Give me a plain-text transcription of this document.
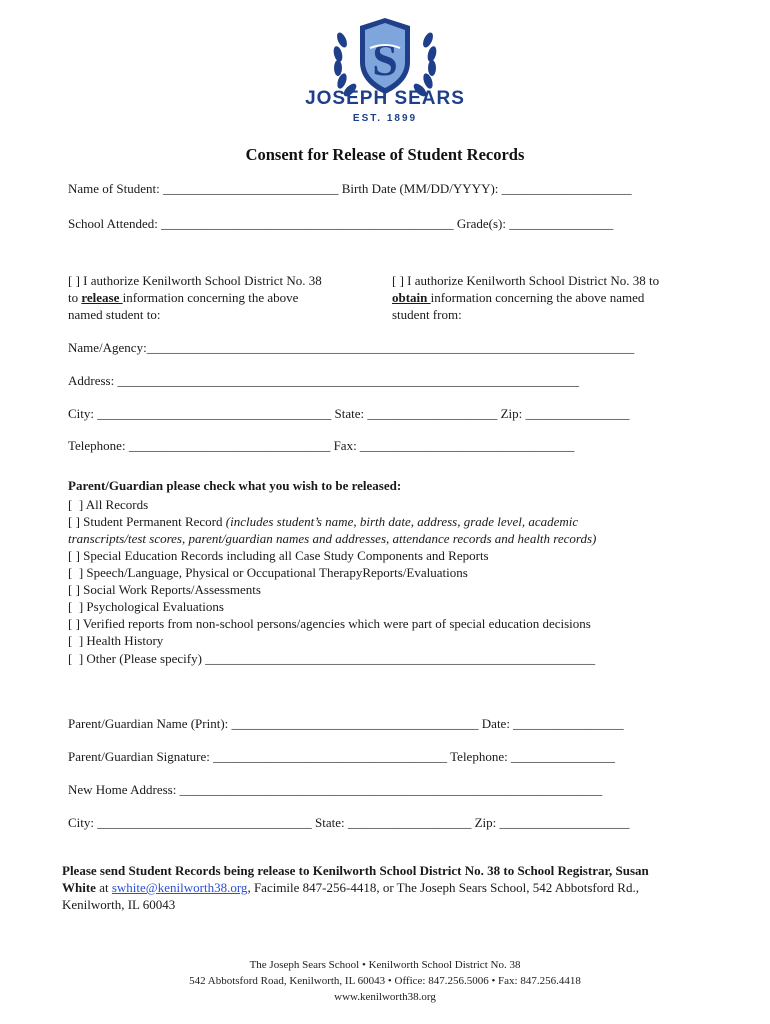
S
JOSEPH SEARS
EST. 1899
Consent for Release of Student Records
Name of Student: ___________________________ Birth Date (MM/DD/YYYY): ____________________
School Attended: _____________________________________________ Grade(s): ________________
[ ] I authorize Kenilworth School District No. 38
to release information concerning the above
named student to:
[ ] I authorize Kenilworth School District No. 38 to
obtain information concerning the above named
student from:
Name/Agency:___________________________________________________________________________
Address: _______________________________________________________________________
City: ____________________________________ State: ____________________ Zip: ________________
Telephone: _______________________________ Fax: _________________________________
Parent/Guardian please check what you wish to be released:
[  ] All Records
[ ] Student Permanent Record (includes student’s name, birth date, address, grade level, academic
transcripts/test scores, parent/guardian names and addresses, attendance records and health records)
[ ] Special Education Records including all Case Study Components and Reports
[  ] Speech/Language, Physical or Occupational TherapyReports/Evaluations
[ ] Social Work Reports/Assessments
[  ] Psychological Evaluations
[ ] Verified reports from non-school persons/agencies which were part of special education decisions
[  ] Health History
[  ] Other (Please specify) ____________________________________________________________
Parent/Guardian Name (Print): ______________________________________ Date: _________________
Parent/Guardian Signature: ____________________________________ Telephone: ________________
New Home Address: _________________________________________________________________
City: _________________________________ State: ___________________ Zip: ____________________
Please send Student Records being release to Kenilworth School District No. 38 to School Registrar, Susan
White at swhite@kenilworth38.org, Facimile 847-256-4418, or The Joseph Sears School, 542 Abbotsford Rd.,
Kenilworth, IL 60043
The Joseph Sears School • Kenilworth School District No. 38
542 Abbotsford Road, Kenilworth, IL 60043 • Office: 847.256.5006 • Fax: 847.256.4418
www.kenilworth38.org
